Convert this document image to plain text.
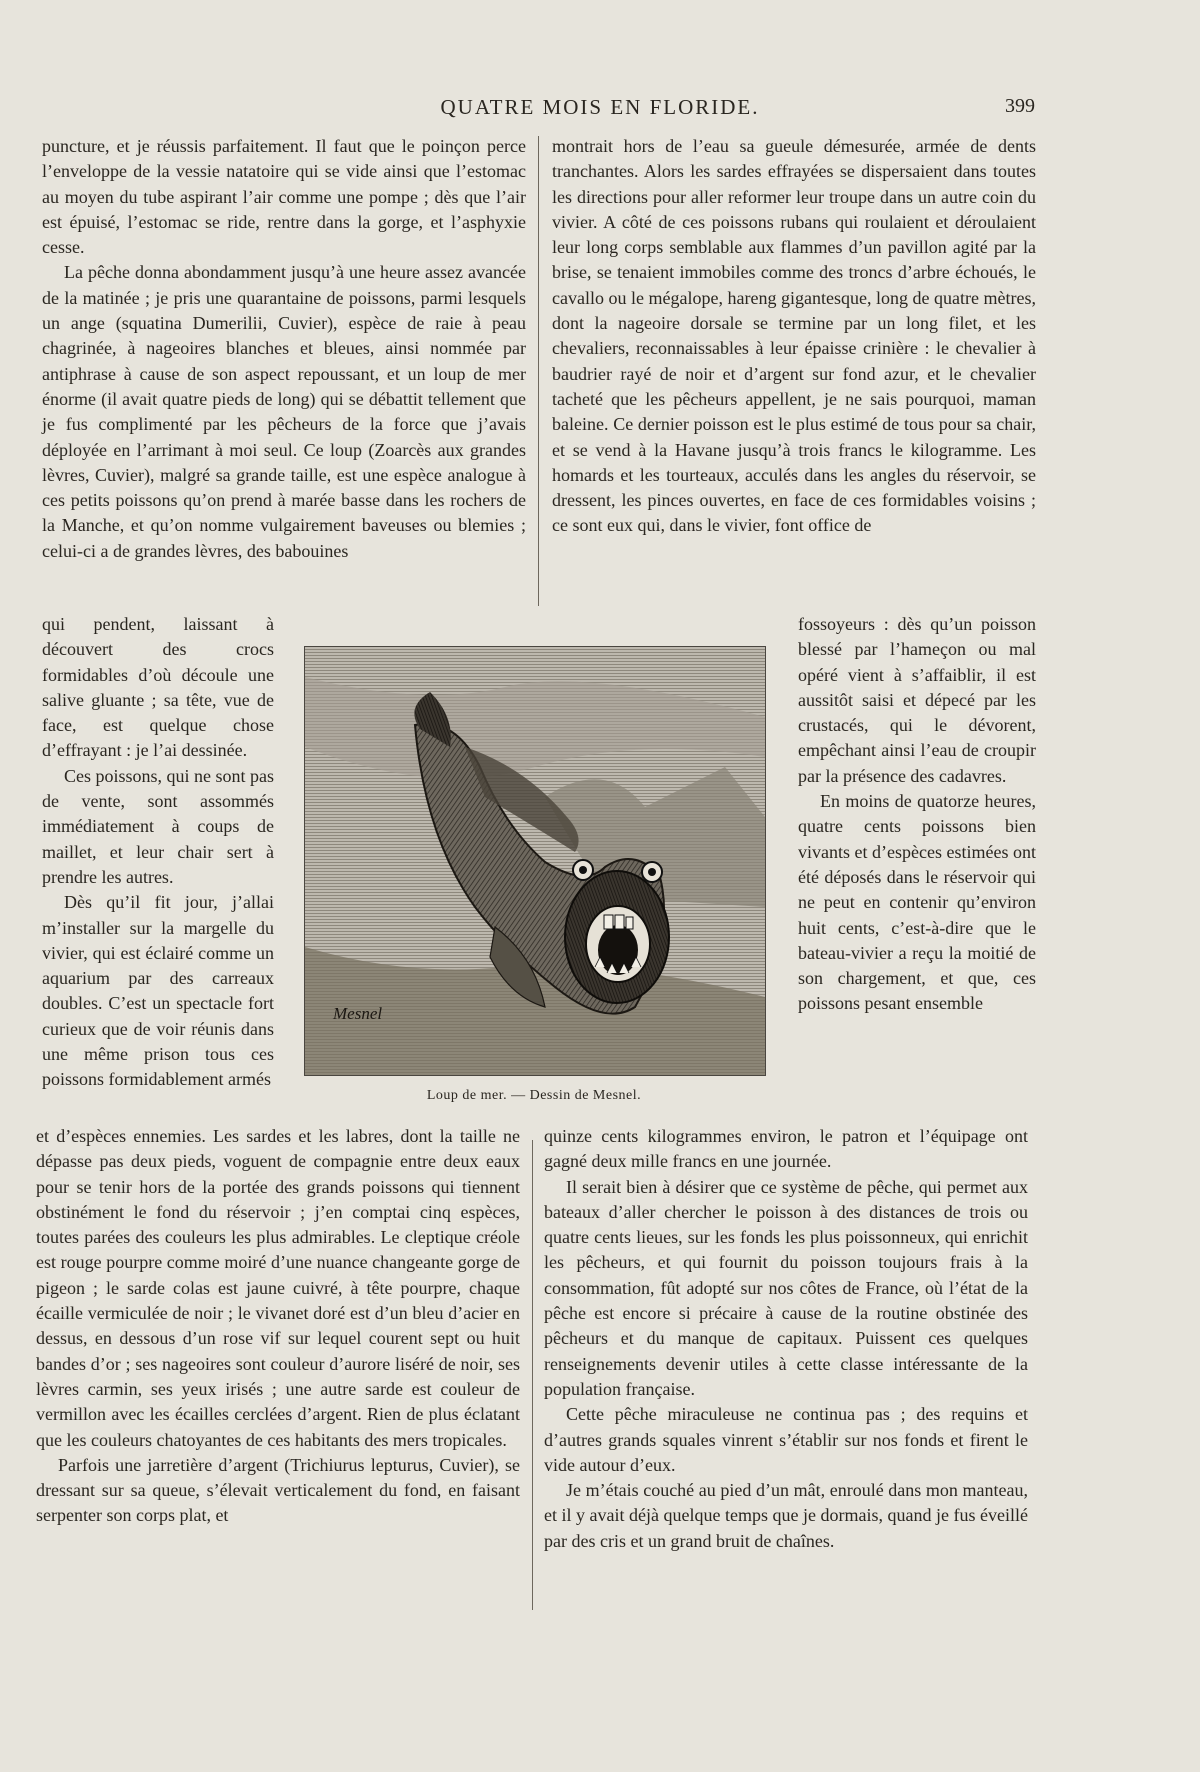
QUATRE MOIS EN FLORIDE.	399

puncture, et je réussis parfaitement. Il faut que le poinçon perce l’enveloppe de la vessie natatoire qui se vide ainsi que l’estomac au moyen du tube aspirant l’air comme une pompe ; dès que l’air est épuisé, l’estomac se ride, rentre dans la gorge, et l’asphyxie cesse.

La pêche donna abondamment jusqu’à une heure assez avancée de la matinée ; je pris une quarantaine de poissons, parmi lesquels un ange (squatina Dumerilii, Cuvier), espèce de raie à peau chagrinée, à nageoires blanches et bleues, ainsi nommée par antiphrase à cause de son aspect repoussant, et un loup de mer énorme (il avait quatre pieds de long) qui se débattit tellement que je fus complimenté par les pêcheurs de la force que j’avais déployée en l’arrimant à moi seul. Ce loup (Zoarcès aux grandes lèvres, Cuvier), malgré sa grande taille, est une espèce analogue à ces petits poissons qu’on prend à marée basse dans les rochers de la Manche, et qu’on nomme vulgairement baveuses ou blemies ; celui-ci a de grandes lèvres, des babouines

montrait hors de l’eau sa gueule démesurée, armée de dents tranchantes. Alors les sardes effrayées se dispersaient dans toutes les directions pour aller reformer leur troupe dans un autre coin du vivier. A côté de ces poissons rubans qui roulaient et déroulaient leur long corps semblable aux flammes d’un pavillon agité par la brise, se tenaient immobiles comme des troncs d’arbre échoués, le cavallo ou le mégalope, hareng gigantesque, long de quatre mètres, dont la nageoire dorsale se termine par un long filet, et les chevaliers, reconnaissables à leur épaisse crinière : le chevalier à baudrier rayé de noir et d’argent sur fond azur, et le chevalier tacheté que les pêcheurs appellent, je ne sais pourquoi, maman baleine. Ce dernier poisson est le plus estimé de tous pour sa chair, et se vend à la Havane jusqu’à trois francs le kilogramme. Les homards et les tourteaux, acculés dans les angles du réservoir, se dressent, les pinces ouvertes, en face de ces formidables voisins ; ce sont eux qui, dans le vivier, font office de

qui pendent, laissant à découvert des crocs formidables d’où découle une salive gluante ; sa tête, vue de face, est quelque chose d’effrayant : je l’ai dessinée.

Ces poissons, qui ne sont pas de vente, sont assommés immédiatement à coups de maillet, et leur chair sert à prendre les autres.

Dès qu’il fit jour, j’allai m’installer sur la margelle du vivier, qui est éclairé comme un aquarium par des carreaux doubles. C’est un spectacle fort curieux que de voir réunis dans une même prison tous ces poissons formidablement armés

Mesnel
Loup de mer. — Dessin de Mesnel.

fossoyeurs : dès qu’un poisson blessé par l’hameçon ou mal opéré vient à s’affaiblir, il est aussitôt saisi et dépecé par les crustacés, qui le dévorent, empêchant ainsi l’eau de croupir par la présence des cadavres.

En moins de quatorze heures, quatre cents poissons bien vivants et d’espèces estimées ont été déposés dans le réservoir qui ne peut en contenir qu’environ huit cents, c’est-à-dire que le bateau-vivier a reçu la moitié de son chargement, et que, ces poissons pesant ensemble

et d’espèces ennemies. Les sardes et les labres, dont la taille ne dépasse pas deux pieds, voguent de compagnie entre deux eaux pour se tenir hors de la portée des grands poissons qui tiennent obstinément le fond du réservoir ; j’en comptai cinq espèces, toutes parées des couleurs les plus admirables. Le cleptique créole est rouge pourpre comme moiré d’une nuance changeante gorge de pigeon ; le sarde colas est jaune cuivré, à tête pourpre, chaque écaille vermiculée de noir ; le vivanet doré est d’un bleu d’acier en dessus, en dessous d’un rose vif sur lequel courent sept ou huit bandes d’or ; ses nageoires sont couleur d’aurore liséré de noir, ses lèvres carmin, ses yeux irisés ; une autre sarde est couleur de vermillon avec les écailles cerclées d’argent. Rien de plus éclatant que les couleurs chatoyantes de ces habitants des mers tropicales.

Parfois une jarretière d’argent (Trichiurus lepturus, Cuvier), se dressant sur sa queue, s’élevait verticalement du fond, en faisant serpenter son corps plat, et

quinze cents kilogrammes environ, le patron et l’équipage ont gagné deux mille francs en une journée.

Il serait bien à désirer que ce système de pêche, qui permet aux bateaux d’aller chercher le poisson à des distances de trois ou quatre cents lieues, sur les fonds les plus poissonneux, qui enrichit les pêcheurs, et qui fournit du poisson toujours frais à la consommation, fût adopté sur nos côtes de France, où l’état de la pêche est encore si précaire à cause de la routine obstinée des pêcheurs et du manque de capitaux. Puissent ces quelques renseignements devenir utiles à cette classe intéressante de la population française.

Cette pêche miraculeuse ne continua pas ; des requins et d’autres grands squales vinrent s’établir sur nos fonds et firent le vide autour d’eux.

Je m’étais couché au pied d’un mât, enroulé dans mon manteau, et il y avait déjà quelque temps que je dormais, quand je fus éveillé par des cris et un grand bruit de chaînes.
